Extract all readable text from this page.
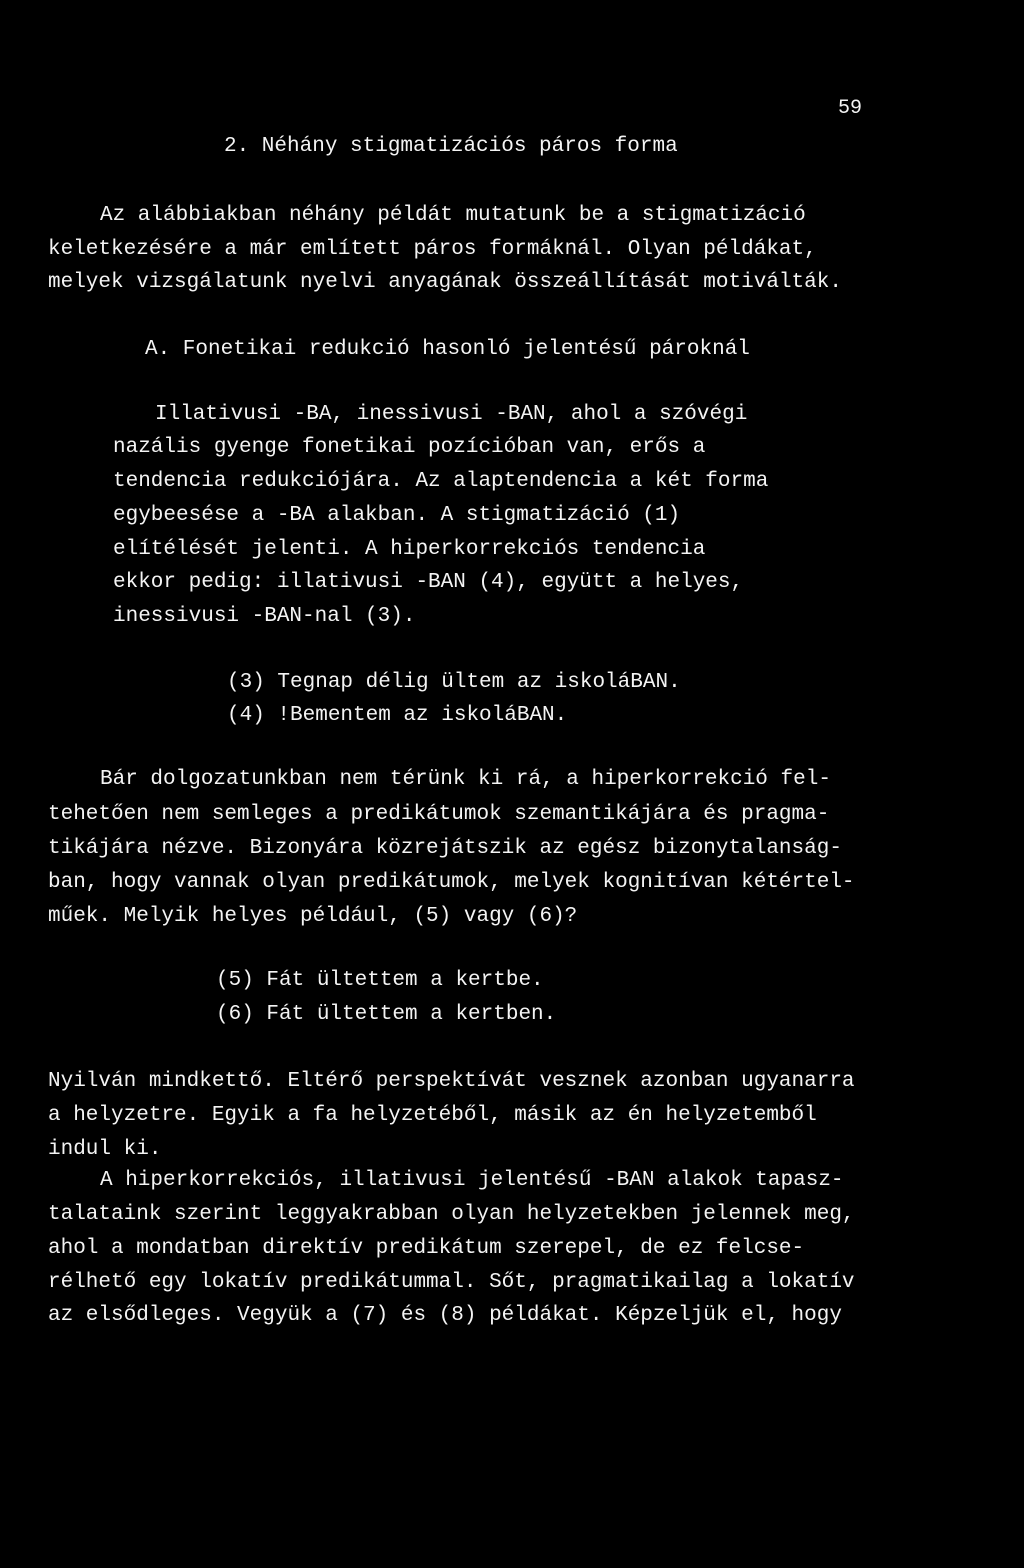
59
2. Néhány stigmatizációs páros forma
Az alábbiakban néhány példát mutatunk be a stigmatizáció
keletkezésére a már említett páros formáknál. Olyan példákat,
melyek vizsgálatunk nyelvi anyagának összeállítását motiválták.
A. Fonetikai redukció hasonló jelentésű pároknál
Illativusi -BA, inessivusi -BAN, ahol a szóvégi
nazális gyenge fonetikai pozícióban van, erős a
tendencia redukciójára. Az alaptendencia a két forma
egybeesése a -BA alakban. A stigmatizáció (1)
elítélését jelenti. A hiperkorrekciós tendencia
ekkor pedig: illativusi -BAN (4), együtt a helyes,
inessivusi -BAN-nal (3).
(3) Tegnap délig ültem az iskoláBAN.
(4) !Bementem az iskoláBAN.
Bár dolgozatunkban nem térünk ki rá, a hiperkorrekció fel-
tehetően nem semleges a predikátumok szemantikájára és pragma-
tikájára nézve. Bizonyára közrejátszik az egész bizonytalanság-
ban, hogy vannak olyan predikátumok, melyek kognitívan kétértel-
műek. Melyik helyes például, (5) vagy (6)?
(5) Fát ültettem a kertbe.
(6) Fát ültettem a kertben.
Nyilván mindkettő. Eltérő perspektívát vesznek azonban ugyanarra
a helyzetre. Egyik a fa helyzetéből, másik az én helyzetemből
indul ki.
A hiperkorrekciós, illativusi jelentésű -BAN alakok tapasz-
talataink szerint leggyakrabban olyan helyzetekben jelennek meg,
ahol a mondatban direktív predikátum szerepel, de ez felcse-
rélhető egy lokatív predikátummal. Sőt, pragmatikailag a lokatív
az elsődleges. Vegyük a (7) és (8) példákat. Képzeljük el, hogy
